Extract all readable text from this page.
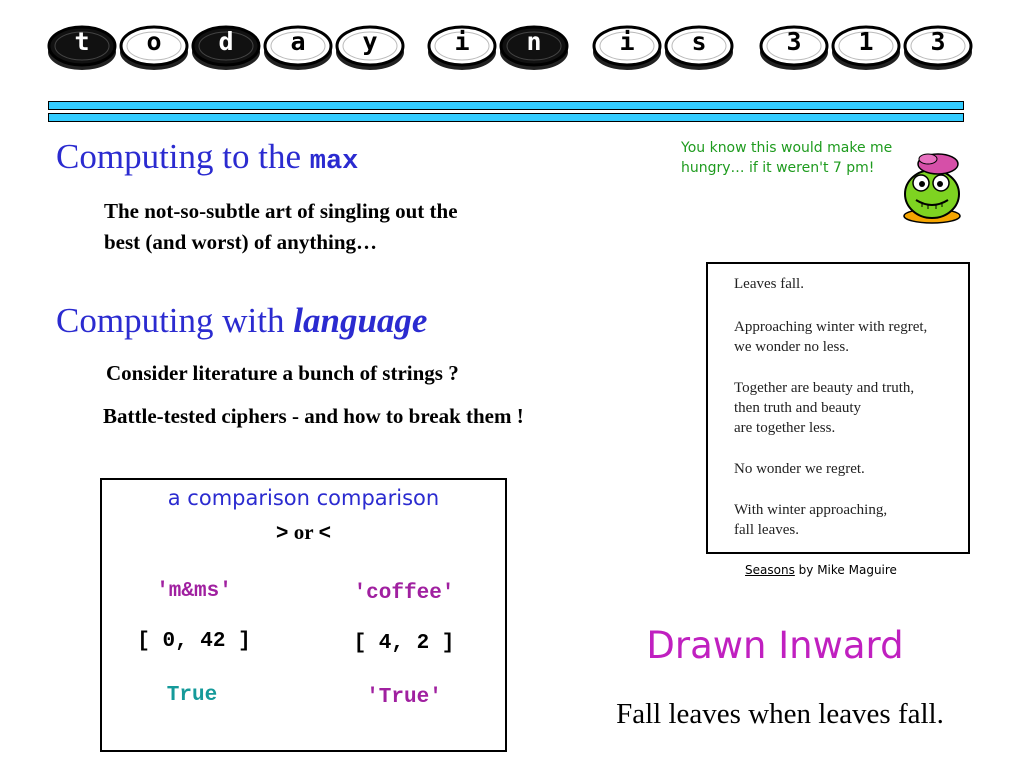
t	o	d	a	y	i	n	i	s	3	1	3
Computing to the max
The not-so-subtle art of singling out the
best (and worst) of anything…
Computing with language
Consider literature a bunch of strings ?
Battle-tested ciphers - and how to break them !
You know this would make me hungry… if it weren't 7 pm!
Leaves fall.
Approaching winter with regret,
we wonder no less.
Together are beauty and truth,
then truth and beauty
are together less.
No wonder we regret.
With winter approaching,
fall leaves.
Seasons by Mike Maguire
a comparison comparison
> or <
'm&ms'	'coffee'
[ 0, 42 ]	[ 4, 2 ]
True	'True'
Drawn Inward
Fall leaves when leaves fall.
